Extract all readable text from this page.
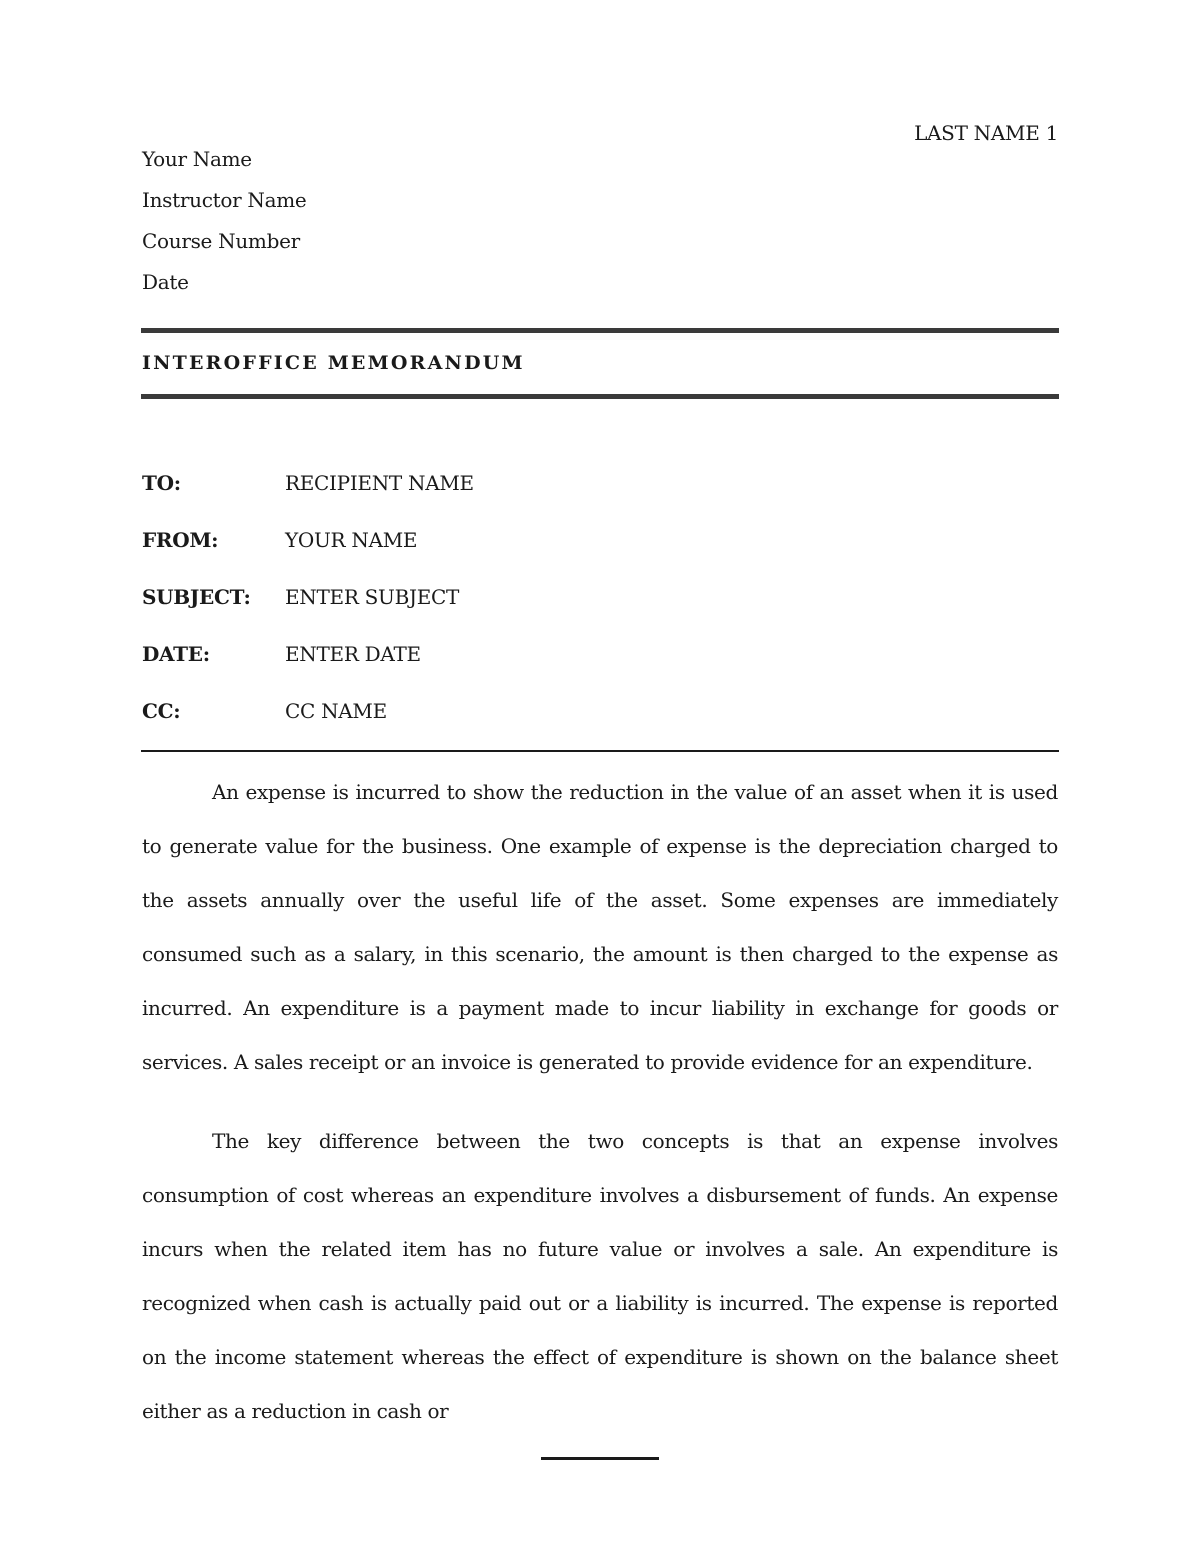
LAST NAME 1
Your Name
Instructor Name
Course Number
Date
INTEROFFICE MEMORANDUM
TO:	RECIPIENT NAME
FROM:	YOUR NAME
SUBJECT:	ENTER SUBJECT
DATE:	ENTER DATE
CC:	CC NAME

An expense is incurred to show the reduction in the value of an asset when it is used to generate value for the business. One example of expense is the depreciation charged to the assets annually over the useful life of the asset. Some expenses are immediately consumed such as a salary, in this scenario, the amount is then charged to the expense as incurred. An expenditure is a payment made to incur liability in exchange for goods or services. A sales receipt or an invoice is generated to provide evidence for an expenditure.

The key difference between the two concepts is that an expense involves consumption of cost whereas an expenditure involves a disbursement of funds. An expense incurs when the related item has no future value or involves a sale. An expenditure is recognized when cash is actually paid out or a liability is incurred. The expense is reported on the income statement whereas the effect of expenditure is shown on the balance sheet either as a reduction in cash or
